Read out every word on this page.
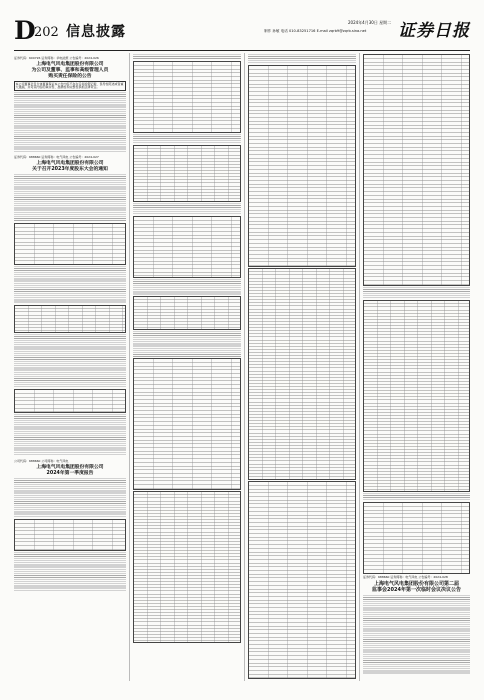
D
202 信息披露
2024年4月30日 星期二
制作 孙敏 电话 010-83251716 E-mail zqrb9@zqrb.sina.net 证券日报
证券代码：600726 证券简称：华电能源 公告编号：2024-026
上海电气风电集团股份有限公司
为公司及董事、监事和高级管理人员
购买责任保险的公告
本公司董事会及全体董事保证本公告内容不存在任何虚假记载、误导性陈述或者重大遗漏，并对其内容的真实性、准确性和完整性承担法律责任。
证券代码：688660 证券简称：电气风电 公告编号：2024-027
上海电气风电集团股份有限公司
关于召开2023年度股东大会的通知
公司代码：688660 公司简称：电气风电
上海电气风电集团股份有限公司
2024年第一季度报告
证券代码：688660 证券简称：电气风电 公告编号：2024-028
上海电气风电集团股份有限公司第二届
监事会2024年第一次临时会议决议公告
